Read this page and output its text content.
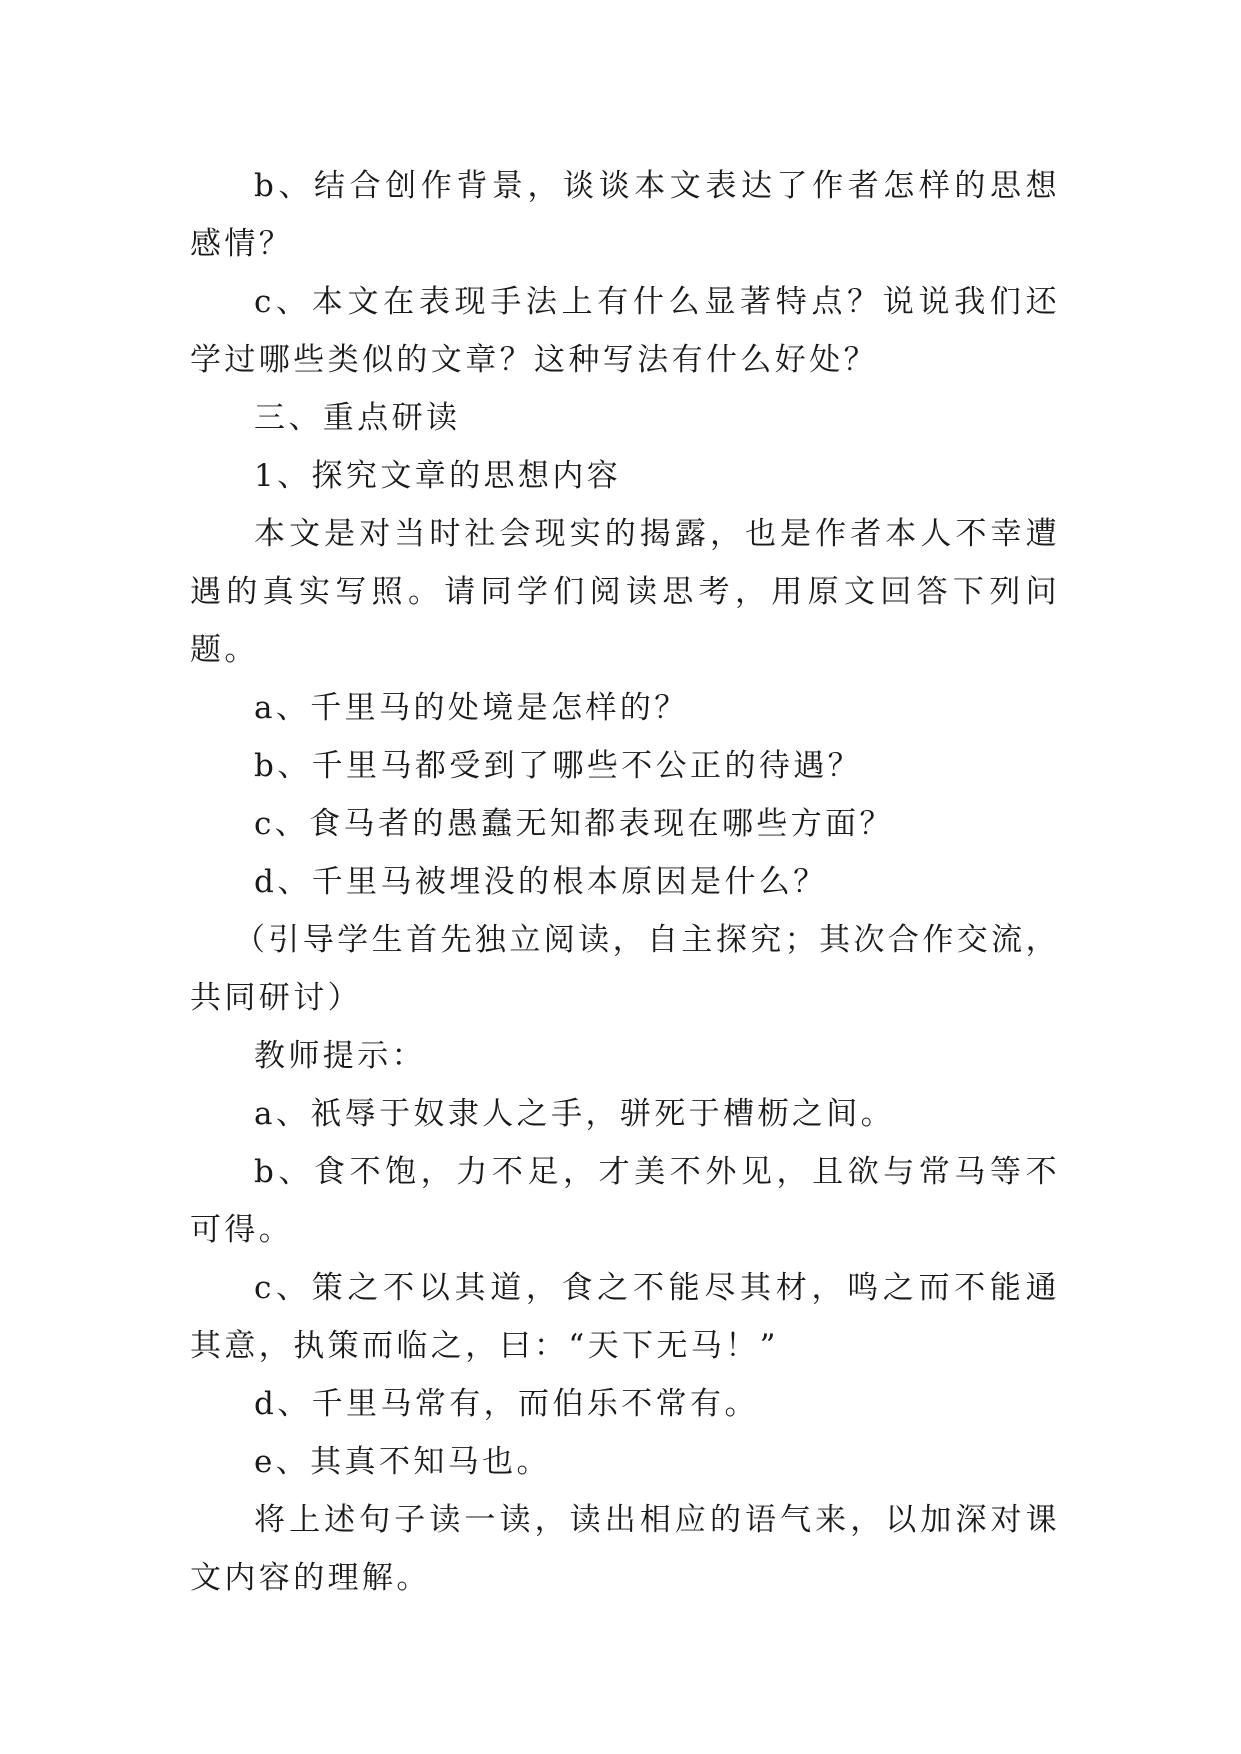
b、结合创作背景，谈谈本文表达了作者怎样的思想感情？

c、本文在表现手法上有什么显著特点？说说我们还学过哪些类似的文章？这种写法有什么好处？

三、重点研读

1、探究文章的思想内容

本文是对当时社会现实的揭露，也是作者本人不幸遭遇的真实写照。请同学们阅读思考，用原文回答下列问题。

a、千里马的处境是怎样的？

b、千里马都受到了哪些不公正的待遇？

c、食马者的愚蠢无知都表现在哪些方面？

d、千里马被埋没的根本原因是什么？

（引导学生首先独立阅读，自主探究；其次合作交流，共同研讨）

教师提示：

a、祇辱于奴隶人之手，骈死于槽枥之间。

b、食不饱，力不足，才美不外见，且欲与常马等不可得。

c、策之不以其道，食之不能尽其材，鸣之而不能通其意，执策而临之，曰：“天下无马！”

d、千里马常有，而伯乐不常有。

e、其真不知马也。

将上述句子读一读，读出相应的语气来，以加深对课文内容的理解。
